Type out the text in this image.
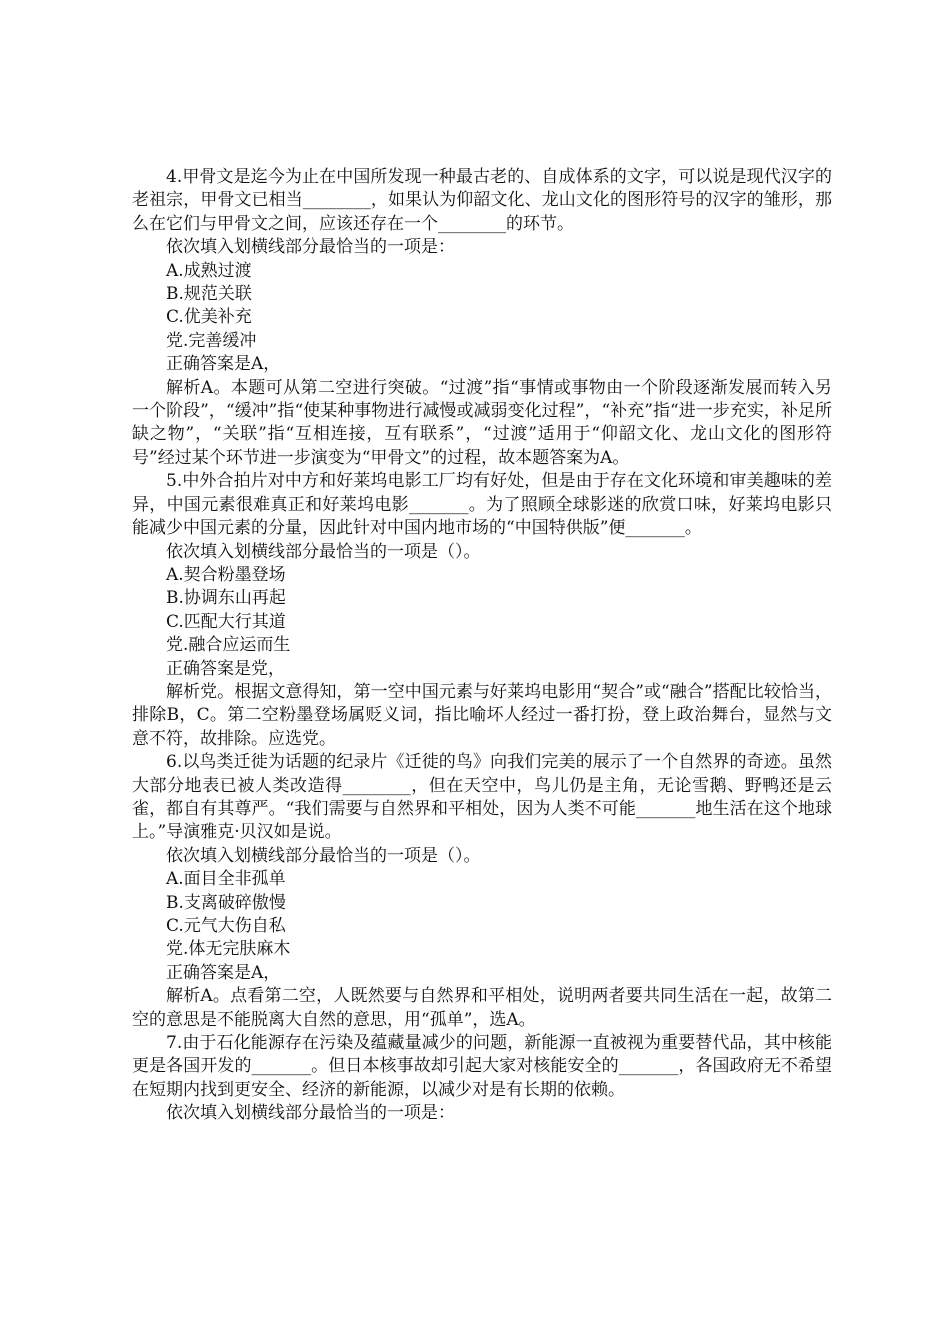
4.甲骨文是迄今为止在中国所发现一种最古老的、自成体系的文字，可以说是现代汉字的老祖宗，甲骨文已相当________，如果认为仰韶文化、龙山文化的图形符号的汉字的雏形，那么在它们与甲骨文之间，应该还存在一个________的环节。

依次填入划横线部分最恰当的一项是：

A.成熟过渡

B.规范关联

C.优美补充

党.完善缓冲

正确答案是A，

解析A。本题可从第二空进行突破。“过渡”指“事情或事物由一个阶段逐渐发展而转入另一个阶段”，“缓冲”指“使某种事物进行减慢或减弱变化过程”，“补充”指“进一步充实，补足所缺之物”，“关联”指“互相连接，互有联系”，“过渡”适用于“仰韶文化、龙山文化的图形符号”经过某个环节进一步演变为“甲骨文”的过程，故本题答案为A。

5.中外合拍片对中方和好莱坞电影工厂均有好处，但是由于存在文化环境和审美趣味的差异，中国元素很难真正和好莱坞电影_______。为了照顾全球影迷的欣赏口味，好莱坞电影只能减少中国元素的分量，因此针对中国内地市场的“中国特供版”便_______。

依次填入划横线部分最恰当的一项是（）。

A.契合粉墨登场

B.协调东山再起

C.匹配大行其道

党.融合应运而生

正确答案是党，

解析党。根据文意得知，第一空中国元素与好莱坞电影用“契合”或“融合”搭配比较恰当，排除B，C。第二空粉墨登场属贬义词，指比喻坏人经过一番打扮，登上政治舞台，显然与文意不符，故排除。应选党。

6.以鸟类迁徙为话题的纪录片《迁徙的鸟》向我们完美的展示了一个自然界的奇迹。虽然大部分地表已被人类改造得________，但在天空中，鸟儿仍是主角，无论雪鹅、野鸭还是云雀，都自有其尊严。“我们需要与自然界和平相处，因为人类不可能_______地生活在这个地球上。”导演雅克·贝汉如是说。

依次填入划横线部分最恰当的一项是（）。

A.面目全非孤单

B.支离破碎傲慢

C.元气大伤自私

党.体无完肤麻木

正确答案是A，

解析A。点看第二空，人既然要与自然界和平相处，说明两者要共同生活在一起，故第二空的意思是不能脱离大自然的意思，用“孤单”，选A。

7.由于石化能源存在污染及蕴藏量减少的问题，新能源一直被视为重要替代品，其中核能更是各国开发的_______。但日本核事故却引起大家对核能安全的_______，各国政府无不希望在短期内找到更安全、经济的新能源，以减少对是有长期的依赖。

依次填入划横线部分最恰当的一项是：
